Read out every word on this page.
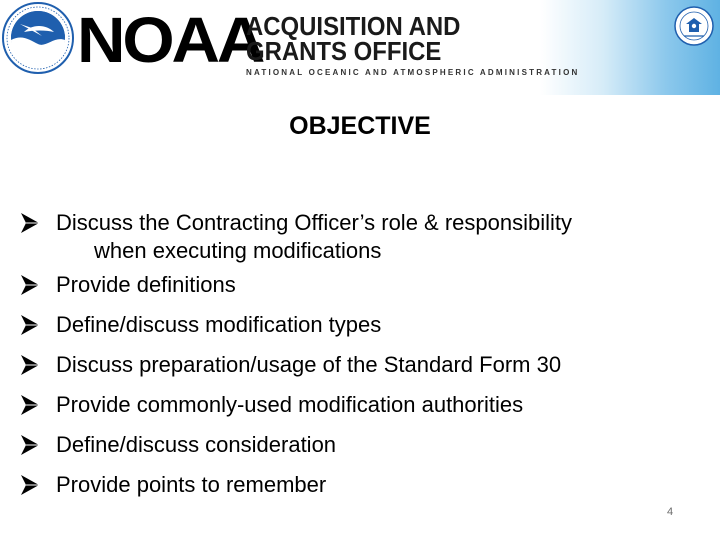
NOAA
ACQUISITION AND
GRANTS OFFICE
NATIONAL OCEANIC AND ATMOSPHERIC ADMINISTRATION
OBJECTIVE
Discuss the Contracting Officer’s role & responsibility
when executing modifications
Provide definitions
Define/discuss modification types
Discuss preparation/usage of the Standard Form 30
Provide commonly-used modification authorities
Define/discuss consideration
Provide points to remember
4
